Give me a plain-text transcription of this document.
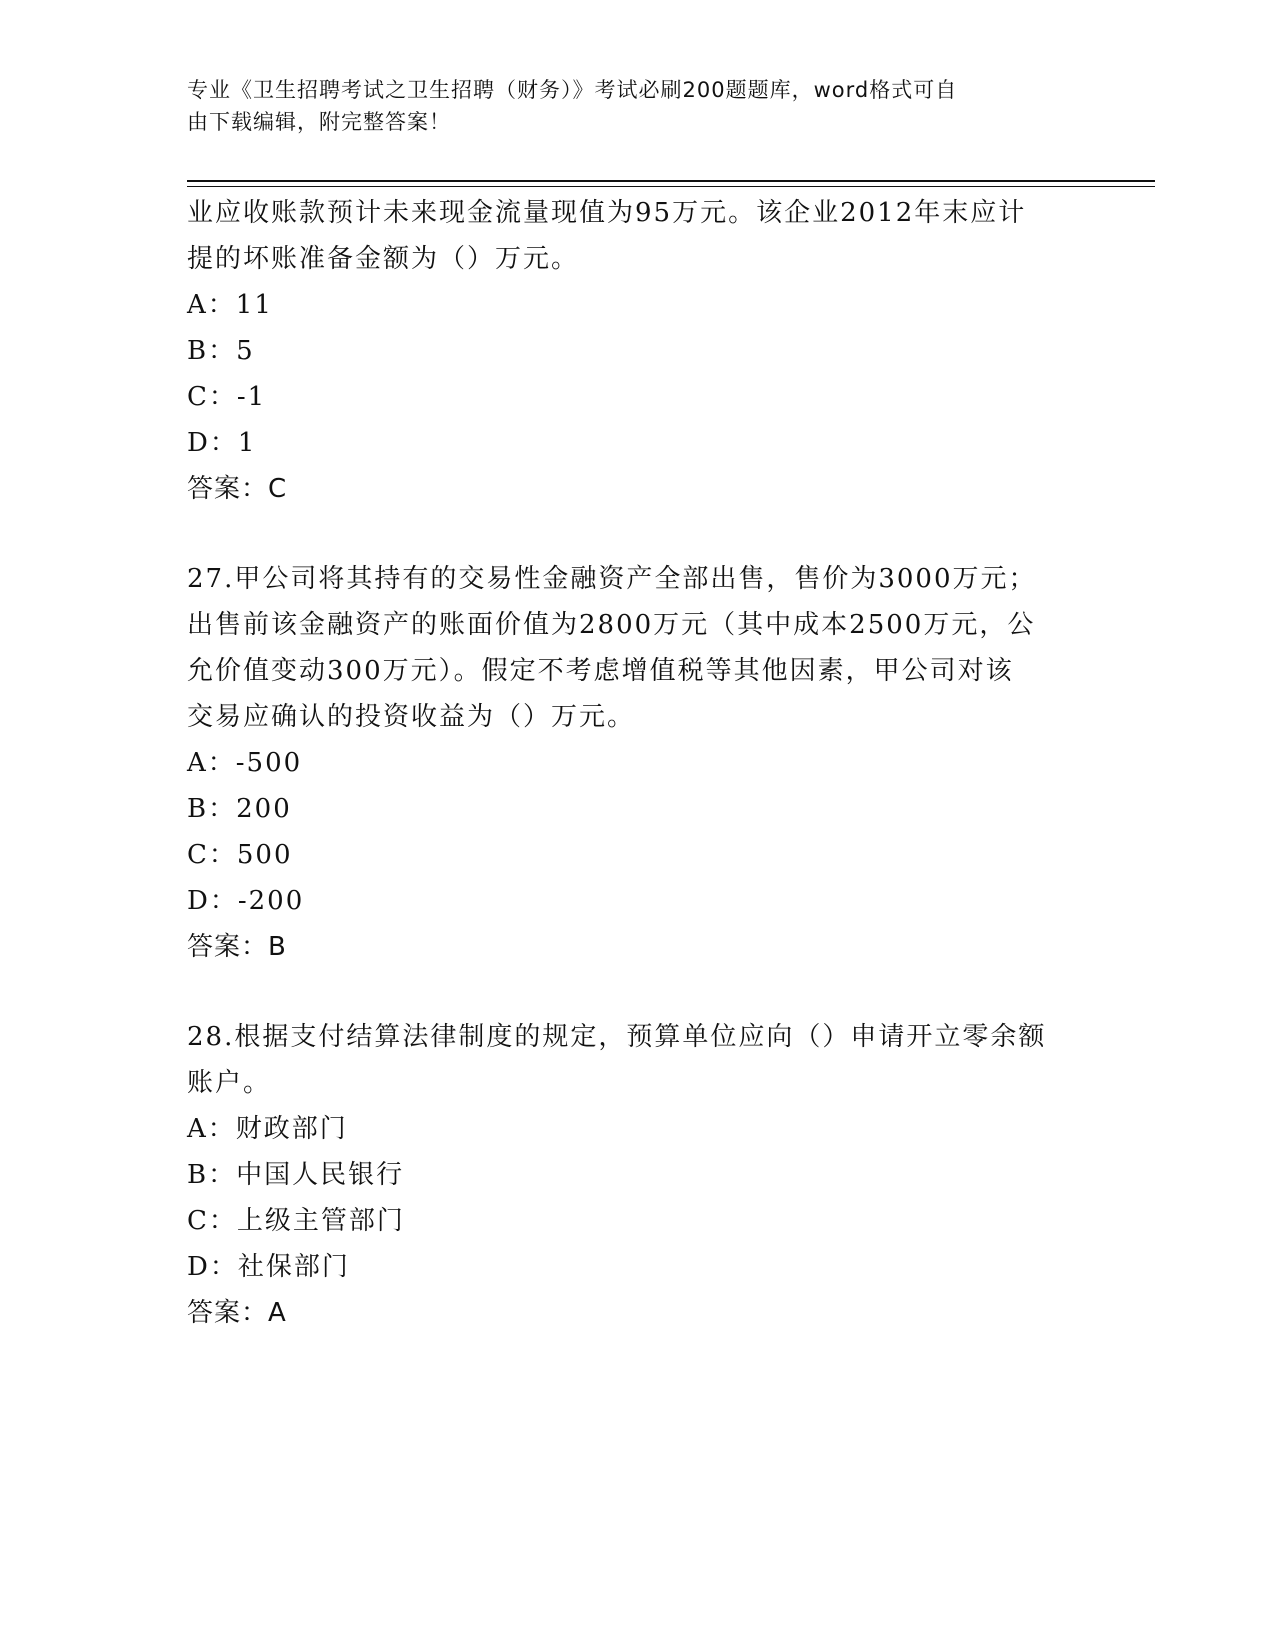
专业《卫生招聘考试之卫生招聘（财务）》考试必刷200题题库，word格式可自
由下载编辑，附完整答案！
业应收账款预计未来现金流量现值为95万元。该企业2012年末应计
提的坏账准备金额为（）万元。
A：11
B：5
C：-1
D：1
答案：C
27.甲公司将其持有的交易性金融资产全部出售，售价为3000万元；
出售前该金融资产的账面价值为2800万元（其中成本2500万元，公
允价值变动300万元）。假定不考虑增值税等其他因素，甲公司对该
交易应确认的投资收益为（）万元。
A：-500
B：200
C：500
D：-200
答案：B
28.根据支付结算法律制度的规定，预算单位应向（）申请开立零余额
账户。
A：财政部门
B：中国人民银行
C：上级主管部门
D：社保部门
答案：A
